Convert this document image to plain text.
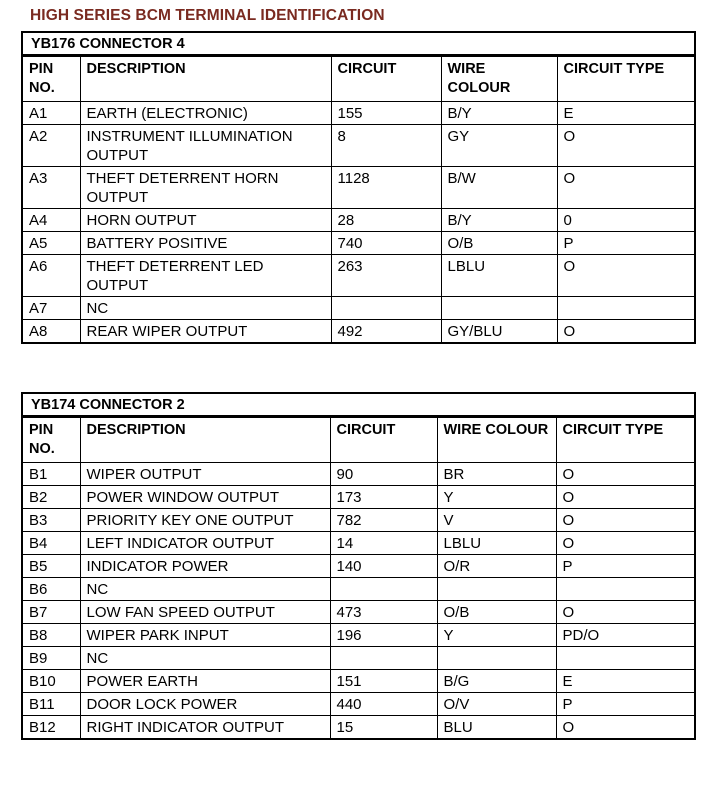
HIGH SERIES BCM TERMINAL IDENTIFICATION
YB176 CONNECTOR 4
PIN NO.	DESCRIPTION	CIRCUIT	WIRE COLOUR	CIRCUIT TYPE
A1	EARTH (ELECTRONIC)	155	B/Y	E
A2	INSTRUMENT ILLUMINATION OUTPUT	8	GY	O
A3	THEFT DETERRENT HORN OUTPUT	1128	B/W	O
A4	HORN OUTPUT	28	B/Y	0
A5	BATTERY POSITIVE	740	O/B	P
A6	THEFT DETERRENT LED OUTPUT	263	LBLU	O
A7	NC			
A8	REAR WIPER OUTPUT	492	GY/BLU	O
YB174 CONNECTOR 2
PIN NO.	DESCRIPTION	CIRCUIT	WIRE COLOUR	CIRCUIT TYPE
B1	WIPER OUTPUT	90	BR	O
B2	POWER WINDOW OUTPUT	173	Y	O
B3	PRIORITY KEY ONE OUTPUT	782	V	O
B4	LEFT INDICATOR OUTPUT	14	LBLU	O
B5	INDICATOR POWER	140	O/R	P
B6	NC			
B7	LOW FAN SPEED OUTPUT	473	O/B	O
B8	WIPER PARK INPUT	196	Y	PD/O
B9	NC			
B10	POWER EARTH	151	B/G	E
B11	DOOR LOCK POWER	440	O/V	P
B12	RIGHT INDICATOR OUTPUT	15	BLU	O
